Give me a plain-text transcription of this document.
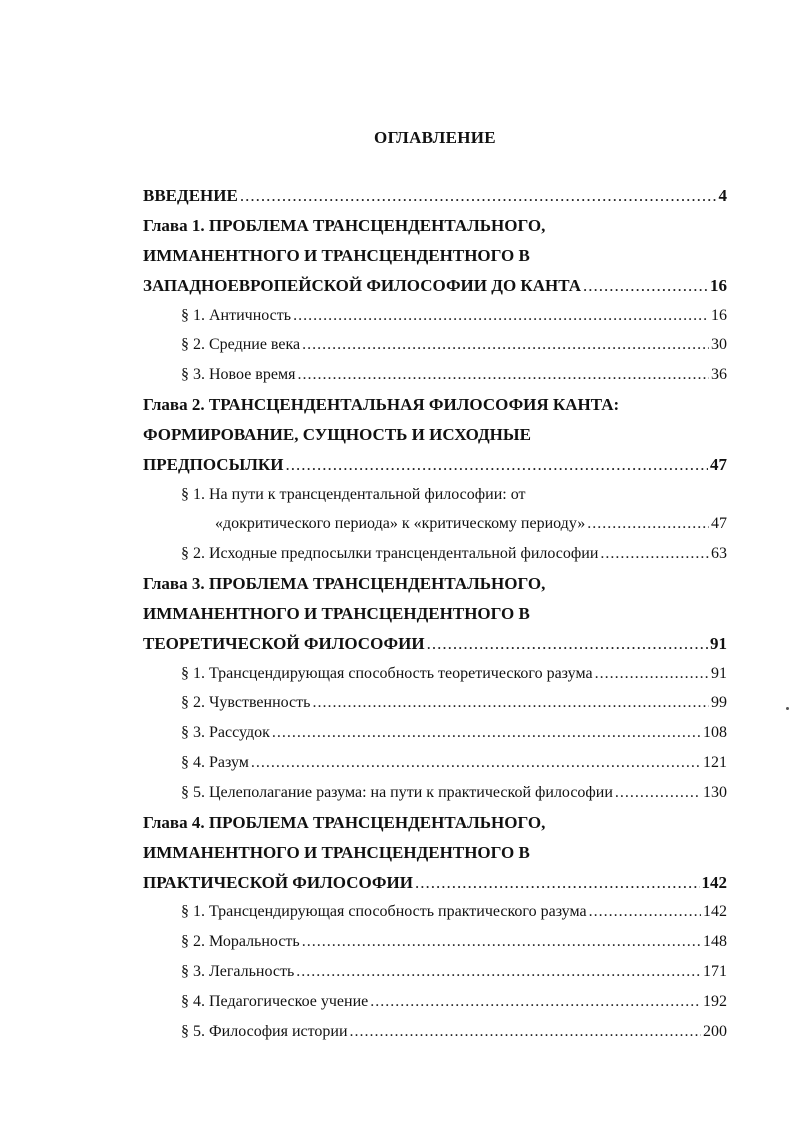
ОГЛАВЛЕНИЕ
ВВЕДЕНИЕ .....	4
Глава 1. ПРОБЛЕМА ТРАНСЦЕНДЕНТАЛЬНОГО,
ИММАНЕНТНОГО И ТРАНСЦЕНДЕНТНОГО В
ЗАПАДНОЕВРОПЕЙСКОЙ ФИЛОСОФИИ ДО КАНТА .....	16
§ 1. Античность .....	16
§ 2. Средние века .....	30
§ 3. Новое время .....	36
Глава 2. ТРАНСЦЕНДЕНТАЛЬНАЯ ФИЛОСОФИЯ КАНТА:
ФОРМИРОВАНИЕ, СУЩНОСТЬ И ИСХОДНЫЕ
ПРЕДПОСЫЛКИ .....	47
§ 1. На пути к трансцендентальной философии: от
«докритического периода» к «критическому периоду» .....	47
§ 2. Исходные предпосылки трансцендентальной философии .....	63
Глава 3. ПРОБЛЕМА ТРАНСЦЕНДЕНТАЛЬНОГО,
ИММАНЕНТНОГО И ТРАНСЦЕНДЕНТНОГО В
ТЕОРЕТИЧЕСКОЙ ФИЛОСОФИИ .....	91
§ 1. Трансцендирующая способность теоретического разума .....	91
§ 2. Чувственность .....	99
§ 3. Рассудок .....	108
§ 4. Разум .....	121
§ 5. Целеполагание разума: на пути к практической философии .....	130
Глава 4. ПРОБЛЕМА ТРАНСЦЕНДЕНТАЛЬНОГО,
ИММАНЕНТНОГО И ТРАНСЦЕНДЕНТНОГО В
ПРАКТИЧЕСКОЙ ФИЛОСОФИИ .....	142
§ 1. Трансцендирующая способность практического разума .....	142
§ 2. Моральность .....	148
§ 3. Легальность .....	171
§ 4. Педагогическое учение .....	192
§ 5. Философия истории .....	200
